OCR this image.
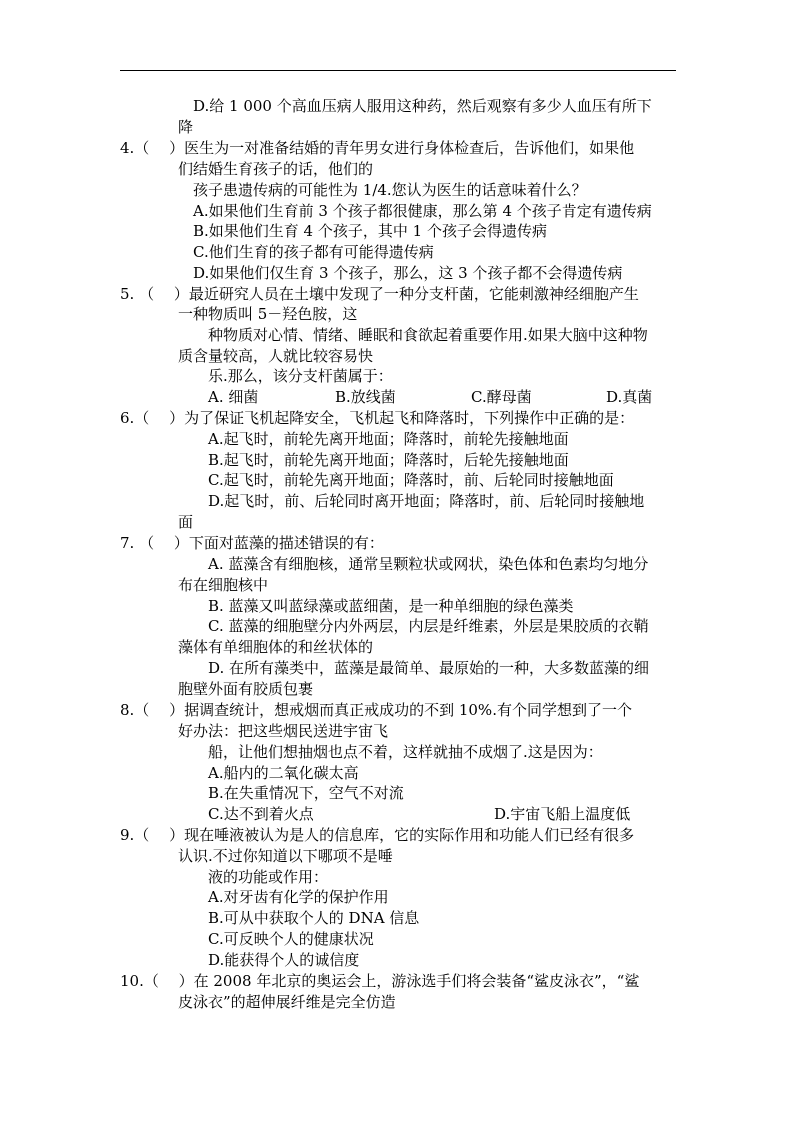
D.给 1 000 个高血压病人服用这种药，然后观察有多少人血压有所下
降
4.（　 ）医生为一对准备结婚的青年男女进行身体检查后，告诉他们，如果他
们结婚生育孩子的话，他们的
孩子患遗传病的可能性为 1/4.您认为医生的话意味着什么？
A.如果他们生育前 3 个孩子都很健康，那么第 4 个孩子肯定有遗传病
B.如果他们生育 4 个孩子，其中 1 个孩子会得遗传病
C.他们生育的孩子都有可能得遗传病
D.如果他们仅生育 3 个孩子，那么，这 3 个孩子都不会得遗传病
5. （　 ）最近研究人员在土壤中发现了一种分支杆菌，它能刺激神经细胞产生
一种物质叫 5－羟色胺，这
种物质对心情、情绪、睡眠和食欲起着重要作用.如果大脑中这种物
质含量较高，人就比较容易快
乐.那么，该分支杆菌属于：
A. 细菌	B.放线菌	C.酵母菌	D.真菌
6.（　 ）为了保证飞机起降安全，飞机起飞和降落时，下列操作中正确的是：
A.起飞时，前轮先离开地面；降落时，前轮先接触地面
B.起飞时，前轮先离开地面；降落时，后轮先接触地面
C.起飞时，前轮先离开地面；降落时，前、后轮同时接触地面
D.起飞时，前、后轮同时离开地面；降落时，前、后轮同时接触地
面
7. （　 ）下面对蓝藻的描述错误的有：
A. 蓝藻含有细胞核，通常呈颗粒状或网状，染色体和色素均匀地分
布在细胞核中
B. 蓝藻又叫蓝绿藻或蓝细菌，是一种单细胞的绿色藻类
C. 蓝藻的细胞壁分内外两层，内层是纤维素，外层是果胶质的衣鞘
藻体有单细胞体的和丝状体的
D. 在所有藻类中，蓝藻是最简单、最原始的一种，大多数蓝藻的细
胞壁外面有胶质包裹
8.（　 ）据调查统计，想戒烟而真正戒成功的不到 10%.有个同学想到了一个
好办法：把这些烟民送进宇宙飞
船，让他们想抽烟也点不着，这样就抽不成烟了.这是因为：
A.船内的二氧化碳太高
B.在失重情况下，空气不对流
C.达不到着火点	D.宇宙飞船上温度低
9.（　 ）现在唾液被认为是人的信息库，它的实际作用和功能人们已经有很多
认识.不过你知道以下哪项不是唾
液的功能或作用：
A.对牙齿有化学的保护作用
B.可从中获取个人的 DNA 信息
C.可反映个人的健康状况
D.能获得个人的诚信度
10.（　 ）在 2008 年北京的奥运会上，游泳选手们将会装备“鲨皮泳衣”，“鲨
皮泳衣”的超伸展纤维是完全仿造
